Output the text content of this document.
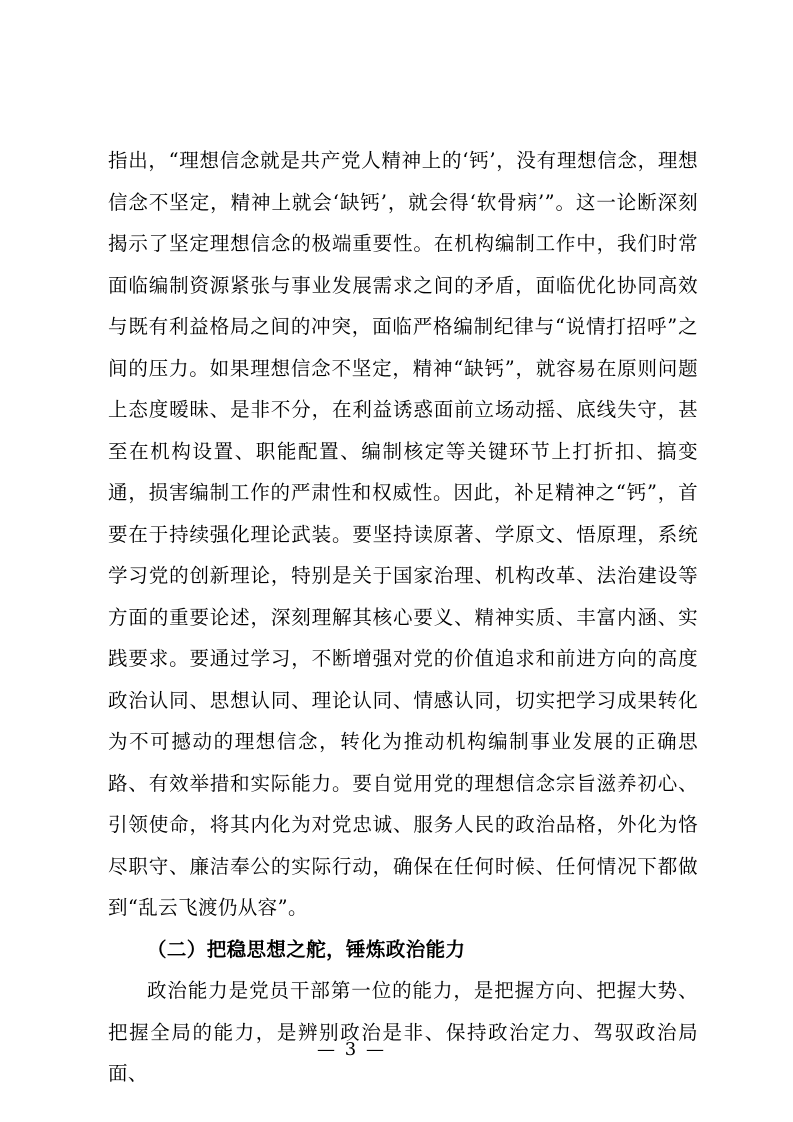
指出，“理想信念就是共产党人精神上的‘钙’，没有理想信念，理想信念不坚定，精神上就会‘缺钙’，就会得‘软骨病’”。这一论断深刻揭示了坚定理想信念的极端重要性。在机构编制工作中，我们时常面临编制资源紧张与事业发展需求之间的矛盾，面临优化协同高效与既有利益格局之间的冲突，面临严格编制纪律与“说情打招呼”之间的压力。如果理想信念不坚定，精神“缺钙”，就容易在原则问题上态度暧昧、是非不分，在利益诱惑面前立场动摇、底线失守，甚至在机构设置、职能配置、编制核定等关键环节上打折扣、搞变通，损害编制工作的严肃性和权威性。因此，补足精神之“钙”，首要在于持续强化理论武装。要坚持读原著、学原文、悟原理，系统学习党的创新理论，特别是关于国家治理、机构改革、法治建设等方面的重要论述，深刻理解其核心要义、精神实质、丰富内涵、实践要求。要通过学习，不断增强对党的价值追求和前进方向的高度政治认同、思想认同、理论认同、情感认同，切实把学习成果转化为不可撼动的理想信念，转化为推动机构编制事业发展的正确思路、有效举措和实际能力。要自觉用党的理想信念宗旨滋养初心、引领使命，将其内化为对党忠诚、服务人民的政治品格，外化为恪尽职守、廉洁奉公的实际行动，确保在任何时候、任何情况下都做到“乱云飞渡仍从容”。

（二）把稳思想之舵，锤炼政治能力

政治能力是党员干部第一位的能力，是把握方向、把握大势、把握全局的能力，是辨别政治是非、保持政治定力、驾驭政治局面、

— 3 —
